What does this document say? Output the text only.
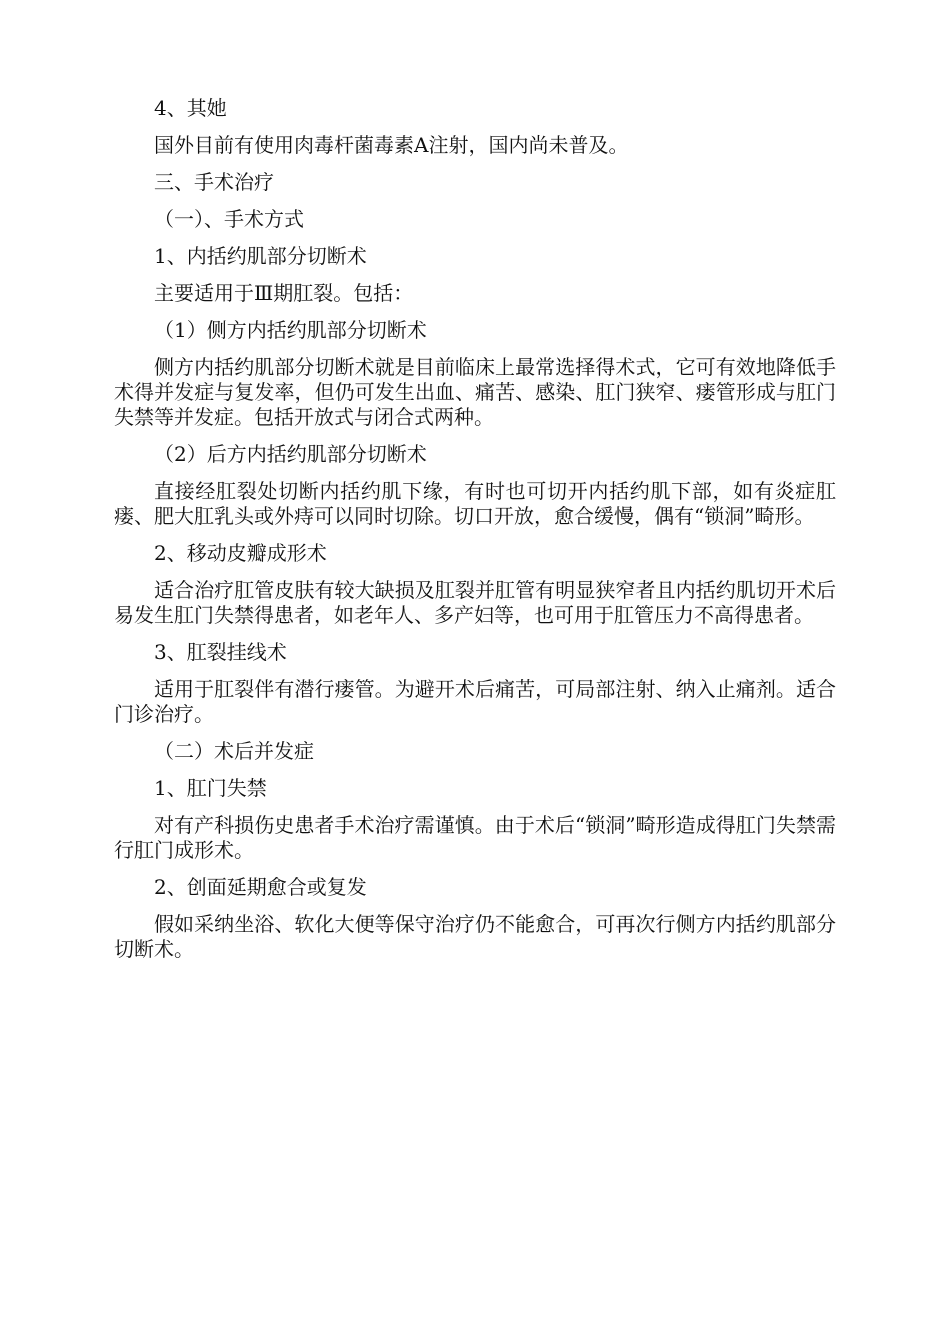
4、其她

国外目前有使用肉毒杆菌毒素A注射，国内尚未普及。

三、手术治疗

（一）、手术方式

1、内括约肌部分切断术

主要适用于Ⅲ期肛裂。包括：

（1）侧方内括约肌部分切断术

侧方内括约肌部分切断术就是目前临床上最常选择得术式，它可有效地降低手术得并发症与复发率，但仍可发生出血、痛苦、感染、肛门狭窄、瘘管形成与肛门失禁等并发症。包括开放式与闭合式两种。

（2）后方内括约肌部分切断术

直接经肛裂处切断内括约肌下缘，有时也可切开内括约肌下部，如有炎症肛瘘、肥大肛乳头或外痔可以同时切除。切口开放，愈合缓慢，偶有“锁洞”畸形。

2、移动皮瓣成形术

适合治疗肛管皮肤有较大缺损及肛裂并肛管有明显狭窄者且内括约肌切开术后易发生肛门失禁得患者，如老年人、多产妇等，也可用于肛管压力不高得患者。

3、肛裂挂线术

适用于肛裂伴有潜行瘘管。为避开术后痛苦，可局部注射、纳入止痛剂。适合门诊治疗。

（二）术后并发症

1、肛门失禁

对有产科损伤史患者手术治疗需谨慎。由于术后“锁洞”畸形造成得肛门失禁需行肛门成形术。

2、创面延期愈合或复发

假如采纳坐浴、软化大便等保守治疗仍不能愈合，可再次行侧方内括约肌部分切断术。
